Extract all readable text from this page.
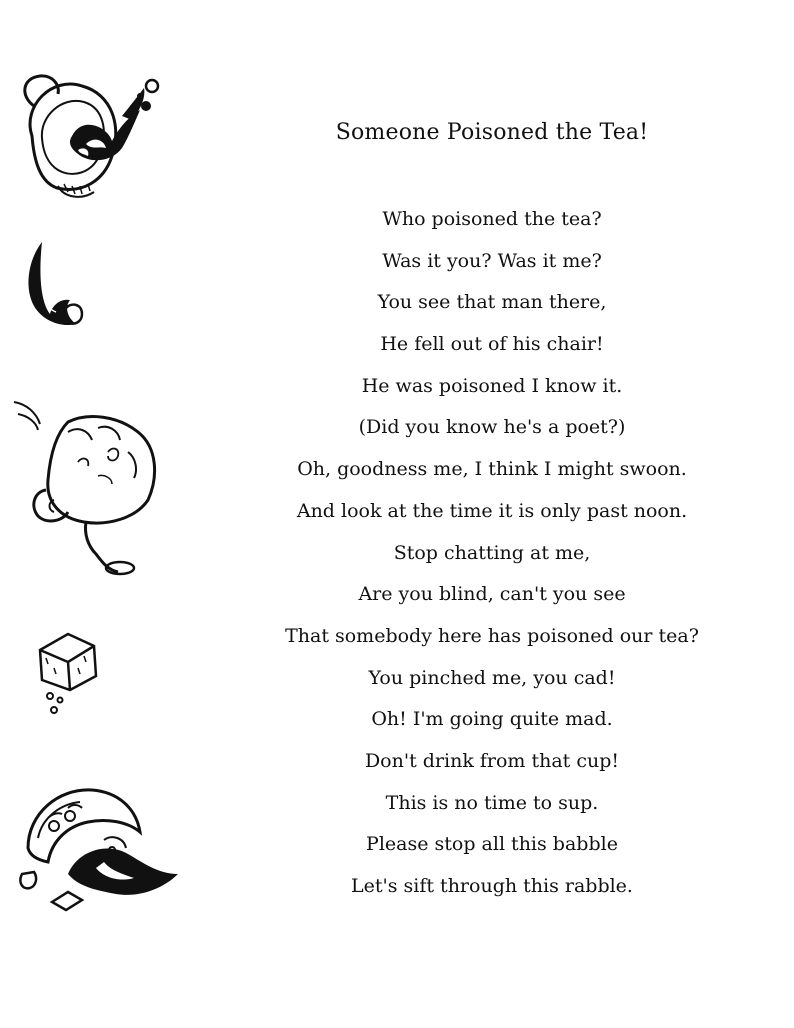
Someone Poisoned the Tea!
Who poisoned the tea?
Was it you? Was it me?
You see that man there,
He fell out of his chair!
He was poisoned I know it.
(Did you know he's a poet?)
Oh, goodness me, I think I might swoon.
And look at the time it is only past noon.
Stop chatting at me,
Are you blind, can't you see
That somebody here has poisoned our tea?
You pinched me, you cad!
Oh! I'm going quite mad.
Don't drink from that cup!
This is no time to sup.
Please stop all this babble
Let's sift through this rabble.
